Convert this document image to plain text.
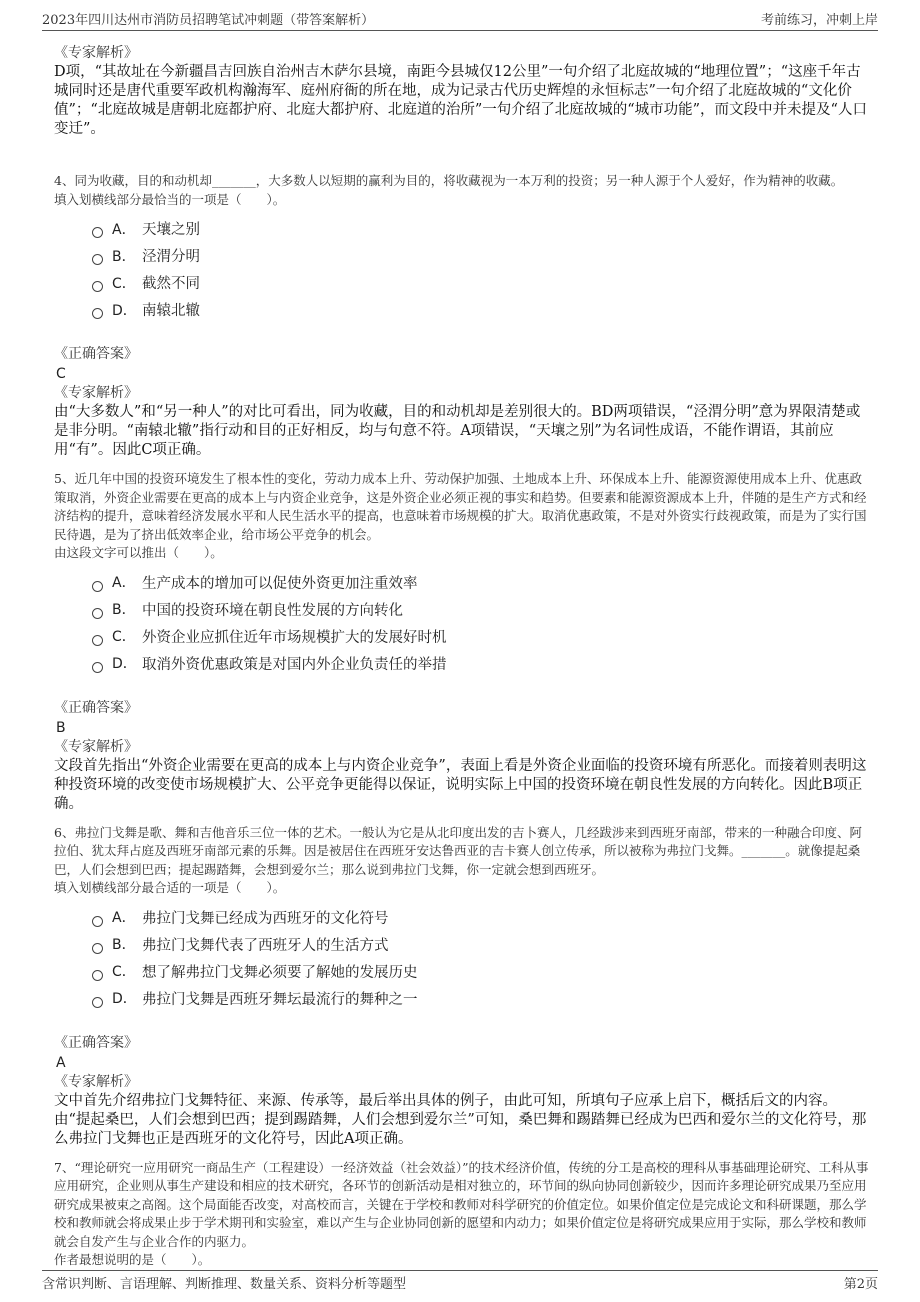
2023年四川达州市消防员招聘笔试冲刺题（带答案解析）	考前练习，冲刺上岸
《专家解析》

D项，“其故址在今新疆昌吉回族自治州吉木萨尔县境，南距今县城仅12公里”一句介绍了北庭故城的“地理位置”；“这座千年古城同时还是唐代重要军政机构瀚海军、庭州府衙的所在地，成为记录古代历史辉煌的永恒标志”一句介绍了北庭故城的“文化价值”；“北庭故城是唐朝北庭都护府、北庭大都护府、北庭道的治所”一句介绍了北庭故城的“城市功能”，而文段中并未提及“人口变迁”。

4、同为收藏，目的和动机却_______，大多数人以短期的赢利为目的，将收藏视为一本万利的投资；另一种人源于个人爱好，作为精神的收藏。

填入划横线部分最恰当的一项是（　　）。
A． 天壤之别
B． 泾渭分明
C． 截然不同
D． 南辕北辙
《正确答案》
C
《专家解析》

由“大多数人”和“另一种人”的对比可看出，同为收藏，目的和动机却是差别很大的。BD两项错误，“泾渭分明”意为界限清楚或是非分明。“南辕北辙”指行动和目的正好相反，均与句意不符。A项错误，“天壤之别”为名词性成语，不能作谓语，其前应用“有”。因此C项正确。

5、近几年中国的投资环境发生了根本性的变化，劳动力成本上升、劳动保护加强、土地成本上升、环保成本上升、能源资源使用成本上升、优惠政策取消，外资企业需要在更高的成本上与内资企业竞争，这是外资企业必须正视的事实和趋势。但要素和能源资源成本上升，伴随的是生产方式和经济结构的提升，意味着经济发展水平和人民生活水平的提高，也意味着市场规模的扩大。取消优惠政策，不是对外资实行歧视政策，而是为了实行国民待遇，是为了挤出低效率企业，给市场公平竞争的机会。

由这段文字可以推出（　　）。
A． 生产成本的增加可以促使外资更加注重效率
B． 中国的投资环境在朝良性发展的方向转化
C． 外资企业应抓住近年市场规模扩大的发展好时机
D． 取消外资优惠政策是对国内外企业负责任的举措
《正确答案》
B
《专家解析》

文段首先指出“外资企业需要在更高的成本上与内资企业竞争”，表面上看是外资企业面临的投资环境有所恶化。而接着则表明这种投资环境的改变使市场规模扩大、公平竞争更能得以保证，说明实际上中国的投资环境在朝良性发展的方向转化。因此B项正确。

6、弗拉门戈舞是歌、舞和吉他音乐三位一体的艺术。一般认为它是从北印度出发的吉卜赛人，几经跋涉来到西班牙南部，带来的一种融合印度、阿拉伯、犹太拜占庭及西班牙南部元素的乐舞。因是被居住在西班牙安达鲁西亚的吉卡赛人创立传承，所以被称为弗拉门戈舞。_______。就像提起桑巴，人们会想到巴西；提起踢踏舞，会想到爱尔兰；那么说到弗拉门戈舞，你一定就会想到西班牙。

填入划横线部分最合适的一项是（　　）。
A． 弗拉门戈舞已经成为西班牙的文化符号
B． 弗拉门戈舞代表了西班牙人的生活方式
C． 想了解弗拉门戈舞必须要了解她的发展历史
D． 弗拉门戈舞是西班牙舞坛最流行的舞种之一
《正确答案》
A
《专家解析》

文中首先介绍弗拉门戈舞特征、来源、传承等，最后举出具体的例子，由此可知，所填句子应承上启下，概括后文的内容。由“提起桑巴，人们会想到巴西；提到踢踏舞，人们会想到爱尔兰”可知，桑巴舞和踢踏舞已经成为巴西和爱尔兰的文化符号，那么弗拉门戈舞也正是西班牙的文化符号，因此A项正确。

7、“理论研究一应用研究一商品生产（工程建设）一经济效益（社会效益）”的技术经济价值，传统的分工是高校的理科从事基础理论研究、工科从事应用研究，企业则从事生产建设和相应的技术研究，各环节的创新活动是相对独立的，环节间的纵向协同创新较少，因而许多理论研究成果乃至应用研究成果被束之高阁。这个局面能否改变，对高校而言，关键在于学校和教师对科学研究的价值定位。如果价值定位是完成论文和科研课题，那么学校和教师就会将成果止步于学术期刊和实验室，难以产生与企业协同创新的愿望和内动力；如果价值定位是将研究成果应用于实际，那么学校和教师就会自发产生与企业合作的内驱力。

作者最想说明的是（　　）。
含常识判断、言语理解、判断推理、数量关系、资料分析等题型	第2页
